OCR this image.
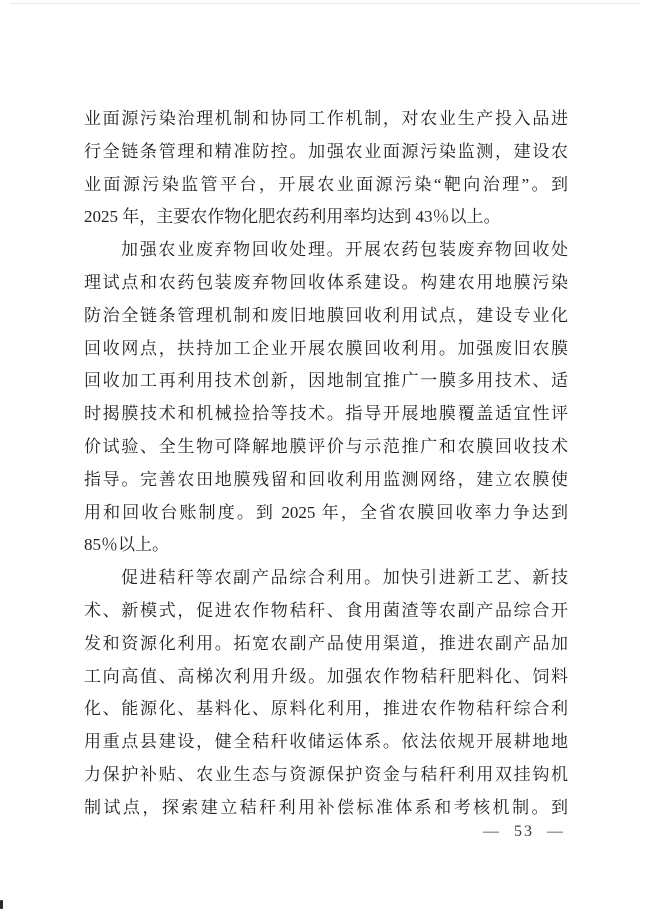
业面源污染治理机制和协同工作机制，对农业生产投入品进
行全链条管理和精准防控。加强农业面源污染监测，建设农
业面源污染监管平台，开展农业面源污染“靶向治理”。到
2025 年，主要农作物化肥农药利用率均达到 43％以上。
加强农业废弃物回收处理。开展农药包装废弃物回收处
理试点和农药包装废弃物回收体系建设。构建农用地膜污染
防治全链条管理机制和废旧地膜回收利用试点，建设专业化
回收网点，扶持加工企业开展农膜回收利用。加强废旧农膜
回收加工再利用技术创新，因地制宜推广一膜多用技术、适
时揭膜技术和机械捡拾等技术。指导开展地膜覆盖适宜性评
价试验、全生物可降解地膜评价与示范推广和农膜回收技术
指导。完善农田地膜残留和回收利用监测网络，建立农膜使
用和回收台账制度。到 2025 年，全省农膜回收率力争达到
85％以上。
促进秸秆等农副产品综合利用。加快引进新工艺、新技
术、新模式，促进农作物秸秆、食用菌渣等农副产品综合开
发和资源化利用。拓宽农副产品使用渠道，推进农副产品加
工向高值、高梯次利用升级。加强农作物秸秆肥料化、饲料
化、能源化、基料化、原料化利用，推进农作物秸秆综合利
用重点县建设，健全秸秆收储运体系。依法依规开展耕地地
力保护补贴、农业生态与资源保护资金与秸秆利用双挂钩机
制试点，探索建立秸秆利用补偿标准体系和考核机制。到
— 53 —
